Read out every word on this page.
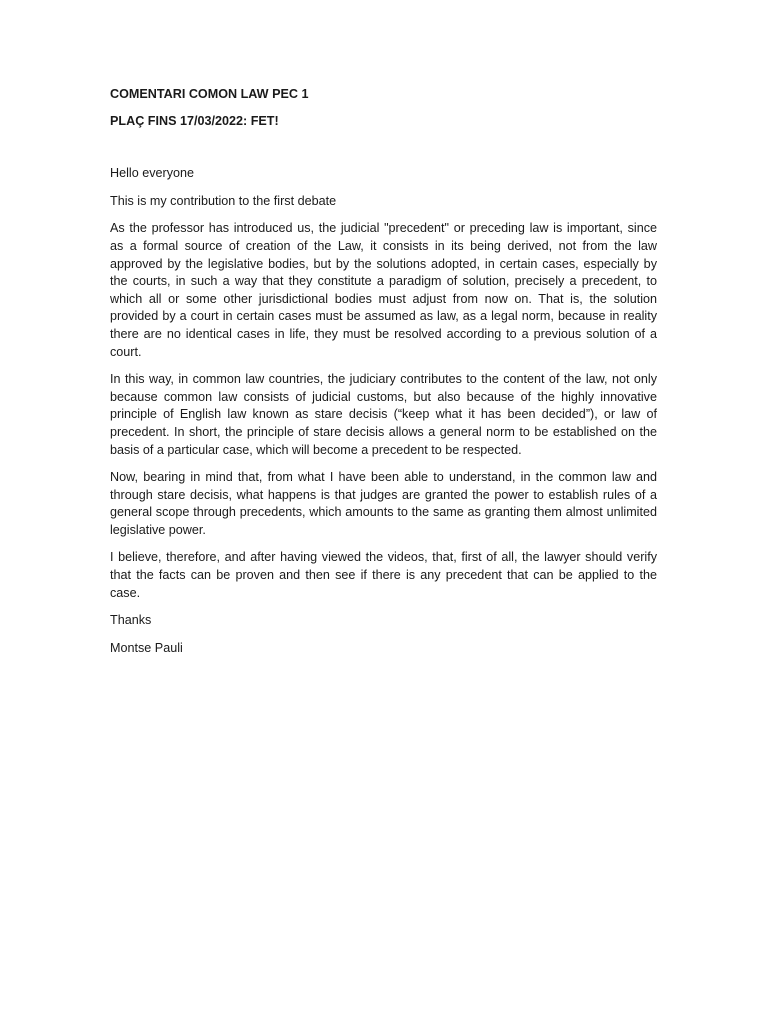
COMENTARI COMON LAW PEC 1
PLAÇ FINS 17/03/2022: FET!

Hello everyone

This is my contribution to the first debate

As the professor has introduced us, the judicial "precedent" or preceding law is important, since as a formal source of creation of the Law, it consists in its being derived, not from the law approved by the legislative bodies, but by the solutions adopted, in certain cases, especially by the courts, in such a way that they constitute a paradigm of solution, precisely a precedent, to which all or some other jurisdictional bodies must adjust from now on. That is, the solution provided by a court in certain cases must be assumed as law, as a legal norm, because in reality there are no identical cases in life, they must be resolved according to a previous solution of a court.

In this way, in common law countries, the judiciary contributes to the content of the law, not only because common law consists of judicial customs, but also because of the highly innovative principle of English law known as stare decisis (“keep what it has been decided”), or law of precedent. In short, the principle of stare decisis allows a general norm to be established on the basis of a particular case, which will become a precedent to be respected.

Now, bearing in mind that, from what I have been able to understand, in the common law and through stare decisis, what happens is that judges are granted the power to establish rules of a general scope through precedents, which amounts to the same as granting them almost unlimited legislative power.

I believe, therefore, and after having viewed the videos, that, first of all, the lawyer should verify that the facts can be proven and then see if there is any precedent that can be applied to the case.

Thanks

Montse Pauli
